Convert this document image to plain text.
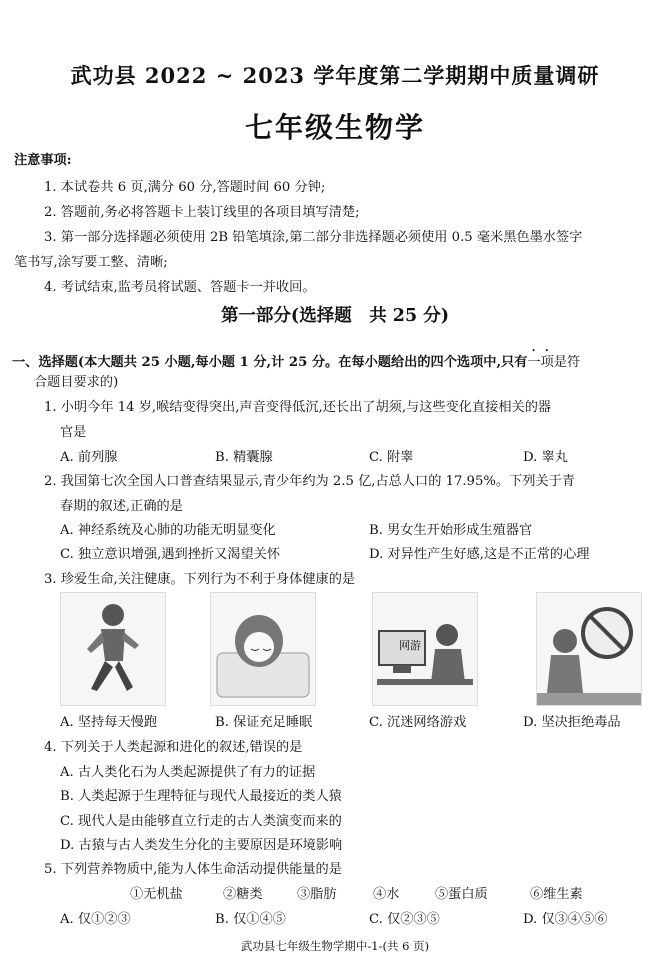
武功县 2022 ~ 2023 学年度第二学期期中质量调研
七年级生物学
注意事项:
1. 本试卷共 6 页,满分 60 分,答题时间 60 分钟;
2. 答题前,务必将答题卡上装订线里的各项目填写清楚;
3. 第一部分选择题必须使用 2B 铅笔填涂,第二部分非选择题必须使用 0.5 毫米黑色墨水签字
笔书写,涂写要工整、清晰;
4. 考试结束,监考员将试题、答题卡一并收回。
第一部分(选择题　共 25 分)
一、选择题(本大题共 25 小题,每小题 1 分,计 25 分。在每小题给出的四个选项中,只有一项是符
合题目要求的)
1. 小明今年 14 岁,喉结变得突出,声音变得低沉,还长出了胡须,与这些变化直接相关的器
官是
A. 前列腺	B. 精囊腺	C. 附睾	D. 睾丸
2. 我国第七次全国人口普查结果显示,青少年约为 2.5 亿,占总人口的 17.95%。下列关于青
春期的叙述,正确的是
A. 神经系统及心肺的功能无明显变化	B. 男女生开始形成生殖器官
C. 独立意识增强,遇到挫折又渴望关怀	D. 对异性产生好感,这是不正常的心理
3. 珍爱生命,关注健康。下列行为不利于身体健康的是
网游
A. 坚持每天慢跑	B. 保证充足睡眠	C. 沉迷网络游戏	D. 坚决拒绝毒品
4. 下列关于人类起源和进化的叙述,错误的是
A. 古人类化石为人类起源提供了有力的证据
B. 人类起源于生理特征与现代人最接近的类人猿
C. 现代人是由能够直立行走的古人类演变而来的
D. 古猿与古人类发生分化的主要原因是环境影响
5. 下列营养物质中,能为人体生命活动提供能量的是
①无机盐	②糖类	③脂肪	④水	⑤蛋白质	⑥维生素
A. 仅①②③	B. 仅①④⑤	C. 仅②③⑤	D. 仅③④⑤⑥
武功县七年级生物学期中-1-(共 6 页)
